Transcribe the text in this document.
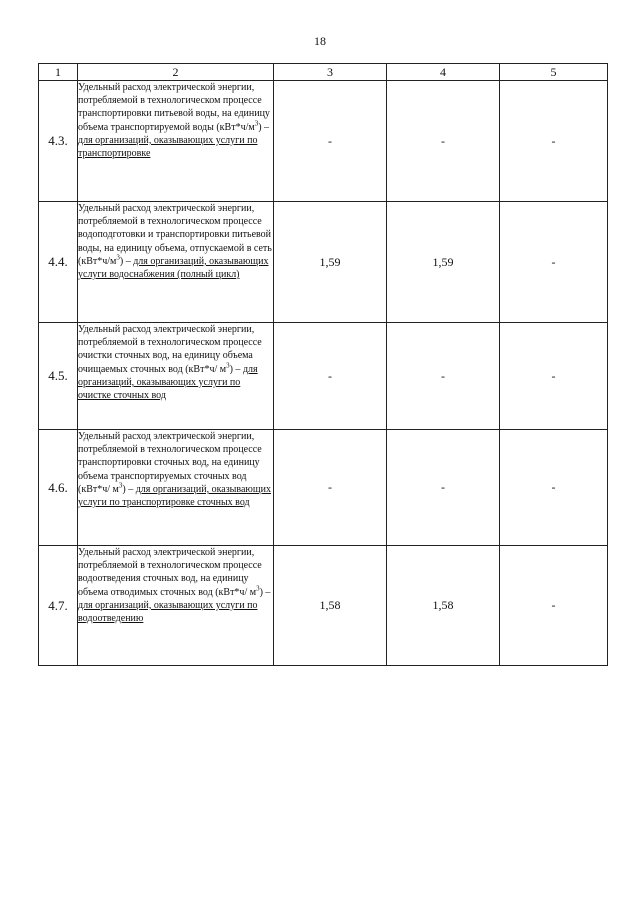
18
1	2	3	4	5
4.3.	Удельный расход электрической энергии, потребляемой в технологическом процессе транспортировки питьевой воды, на единицу объема транспортируемой воды $(кВт*ч/м^3)$ – для организаций, оказывающих услуги по транспортировке	-	-	-
4.4.	Удельный расход электрической энергии, потребляемой в технологическом процессе водоподготовки и транспортировки питьевой воды, на единицу объема, отпускаемой в сеть $(кВт*ч/м^3)$ – для организаций, оказывающих услуги водоснабжения (полный цикл)	1,59	1,59	-
4.5.	Удельный расход электрической энергии, потребляемой в технологическом процессе очистки сточных вод, на единицу объема очищаемых сточных вод (кВт*ч/ $м^3$) – для организаций, оказывающих услуги по очистке сточных вод	-	-	-
4.6.	Удельный расход электрической энергии, потребляемой в технологическом процессе транспортировки сточных вод, на единицу объема транспортируемых сточных вод (кВт*ч/ $м^3$) – для организаций, оказывающих услуги по транспортировке сточных вод	-	-	-
4.7.	Удельный расход электрической энергии, потребляемой в технологическом процессе водоотведения сточных вод, на единицу объема отводимых сточных вод (кВт*ч/ $м^3$) – для организаций, оказывающих услуги по водоотведению	1,58	1,58	-
